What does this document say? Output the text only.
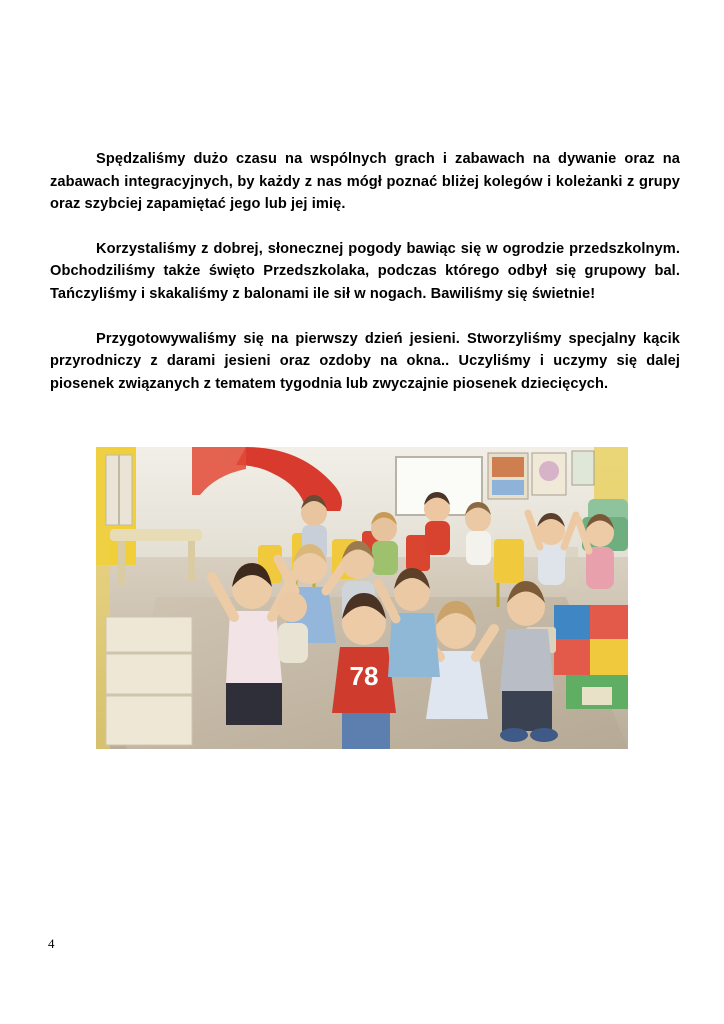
Spędzaliśmy dużo czasu na wspólnych grach i zabawach na dywanie oraz na zabawach integracyjnych, by każdy z nas mógł poznać bliżej kolegów i koleżanki z grupy oraz szybciej zapamiętać jego lub jej imię.

Korzystaliśmy z dobrej, słonecznej pogody bawiąc się w ogrodzie przedszkolnym. Obchodziliśmy także święto Przedszkolaka, podczas którego odbył się grupowy bal. Tańczyliśmy i skakaliśmy z balonami ile sił w nogach. Bawiliśmy się świetnie!

Przygotowywaliśmy się na pierwszy dzień jesieni. Stworzyliśmy specjalny kącik przyrodniczy z darami jesieni oraz ozdoby na okna.. Uczyliśmy i uczymy się dalej piosenek związanych z tematem tygodnia lub zwyczajnie piosenek dziecięcych.

78
4
